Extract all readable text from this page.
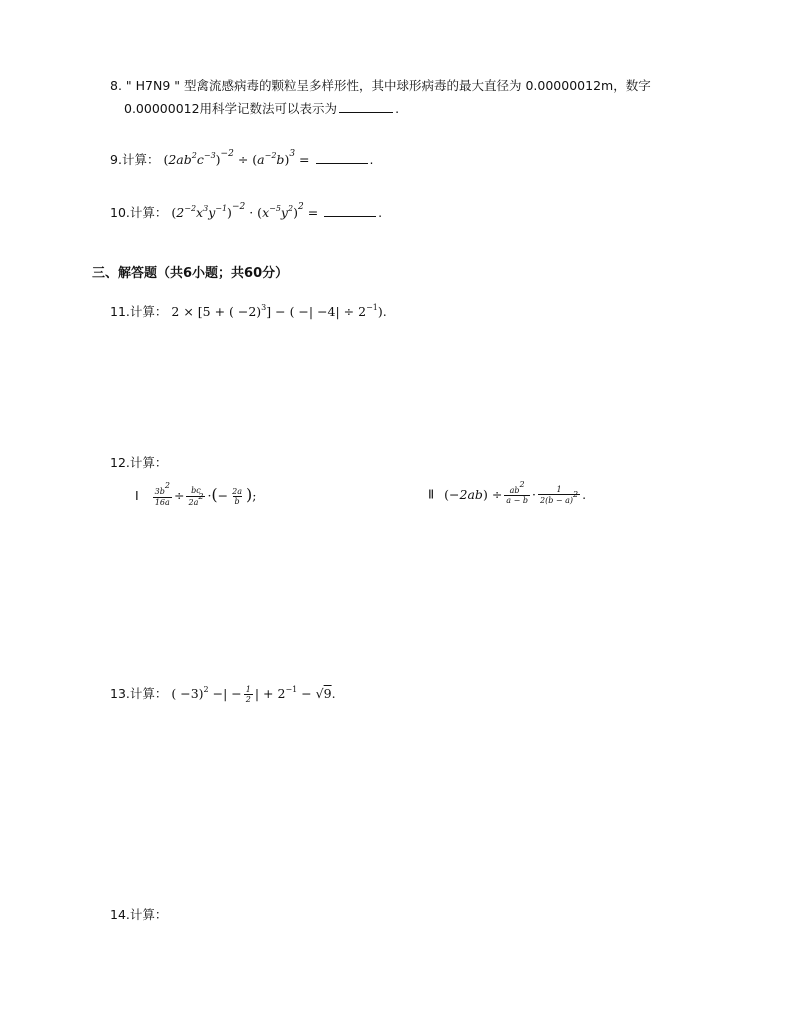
8. " H7N9 " 型禽流感病毒的颗粒呈多样形性，其中球形病毒的最大直径为 0.00000012m，数字
0.00000012用科学记数法可以表示为	.
9.计算： $(2ab^2c^{-3})^{-2} \div (a^{-2}b)^3$ =	.
10.计算： $(2^{-2}x^3y^{-1})^{-2} \cdot (x^{-5}y^2)^2$ =	.
三、解答题（共6小题；共60分）
11.计算： 2 × [5 + ( −2)$^3$] − ( −| $-4| \div 2^{-1}$).
12.计算：
Ⅰ $\frac{3b^2}{16a} \div \frac{bc}{2a^2}$ ·(− $\frac{2a}{b}$ );	Ⅱ $(-2ab) \div \frac{ab^2}{a - b} \cdot \frac{1}{2(b - a)^2}$ .
13.计算： ( −3)$^2$ −| − $\frac{1}{2}$ | + $2^{-1} - √9$.
14.计算：
